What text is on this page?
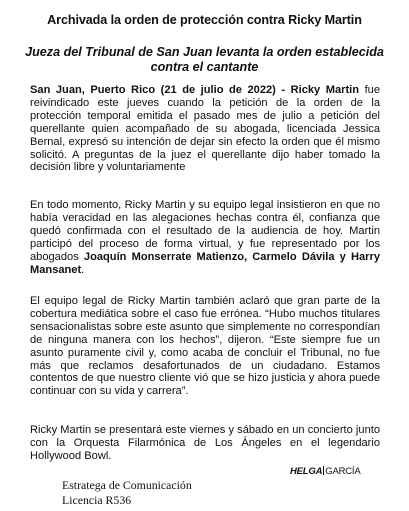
Archivada la orden de protección contra Ricky Martin
Jueza del Tribunal de San Juan levanta la orden establecida contra el cantante

San Juan, Puerto Rico (21 de julio de 2022) - Ricky Martin fue reivindicado este jueves cuando la petición de la orden de la protección temporal emitida el pasado mes de julio a petición del querellante quien acompañado de su abogada, licenciada Jessica Bernal, expresó su intención de dejar sin efecto la orden que él mismo solicitó. A preguntas de la juez el querellante dijo haber tomado la decisión libre y voluntariamente

En todo momento, Ricky Martin y su equipo legal insistieron en que no había veracidad en las alegaciones hechas contra él, confianza que quedó confirmada con el resultado de la audiencia de hoy. Martin participó del proceso de forma virtual, y fue representado por los abogados Joaquín Monserrate Matienzo, Carmelo Dávila y Harry Mansanet.

El equipo legal de Ricky Martin también aclaró que gran parte de la cobertura mediática sobre el caso fue errónea. “Hubo muchos titulares sensacionalistas sobre este asunto que simplemente no correspondían de ninguna manera con los hechos”, dijeron. “Este siempre fue un asunto puramente civil y, como acaba de concluir el Tribunal, no fue más que reclamos desafortunados de un ciudadano. Estamos contentos de que nuestro cliente vió que se hizo justicia y ahora puede continuar con su vida y carrera”.

Ricky Martin se presentará este viernes y sábado en un concierto junto con la Orquesta Filarmónica de Los Ángeles en el legendario Hollywood Bowl.

HELGA GARCÍA
Estratega de Comunicación
Licencia R536
